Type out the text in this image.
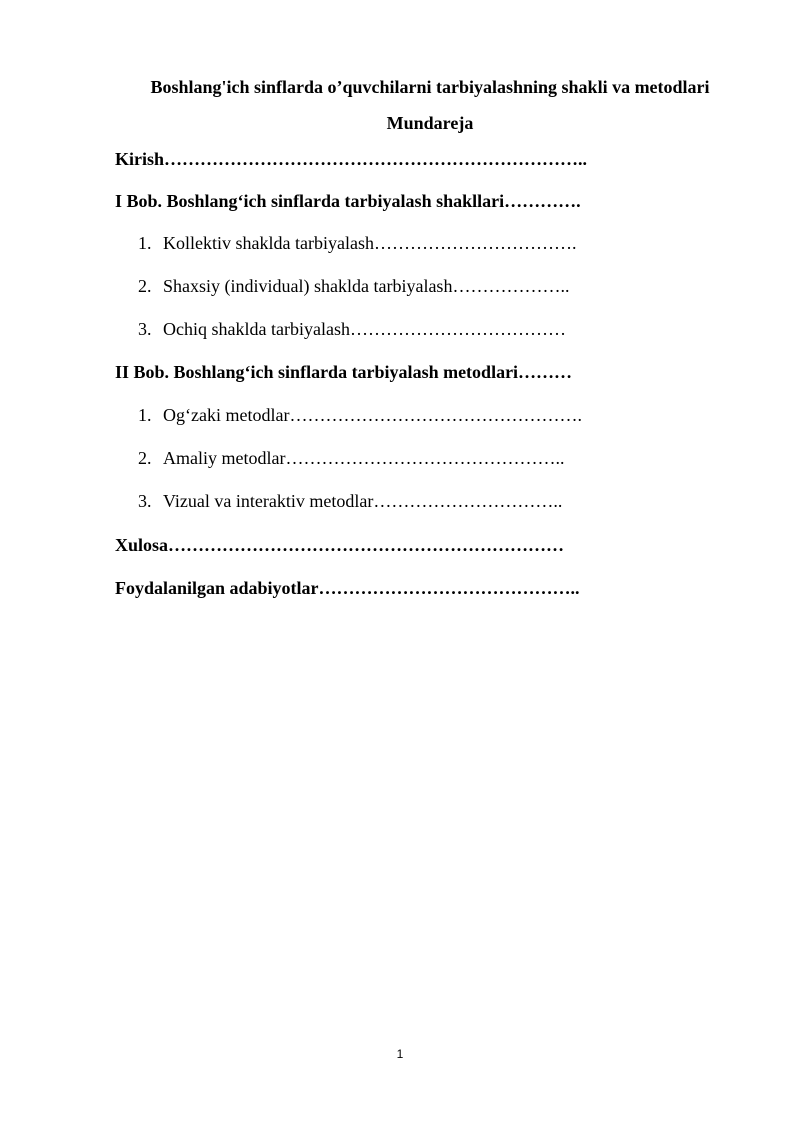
Boshlang'ich sinflarda o’quvchilarni tarbiyalashning shakli va metodlari
Mundareja
Kirish……………………………………………………………..
I Bob. Boshlang‘ich sinflarda tarbiyalash shakllari………….
1. Kollektiv shaklda tarbiyalash…………………………….
2. Shaxsiy (individual) shaklda tarbiyalash………………..
3. Ochiq shaklda tarbiyalash………………………………
II Bob. Boshlang‘ich sinflarda tarbiyalash metodlari………
1. Og‘zaki metodlar………………………………………….
2. Amaliy metodlar………………………………………..
3. Vizual va interaktiv metodlar…………………………..
Xulosa…………………………………………………………
Foydalanilgan adabiyotlar……………………………………..
1
